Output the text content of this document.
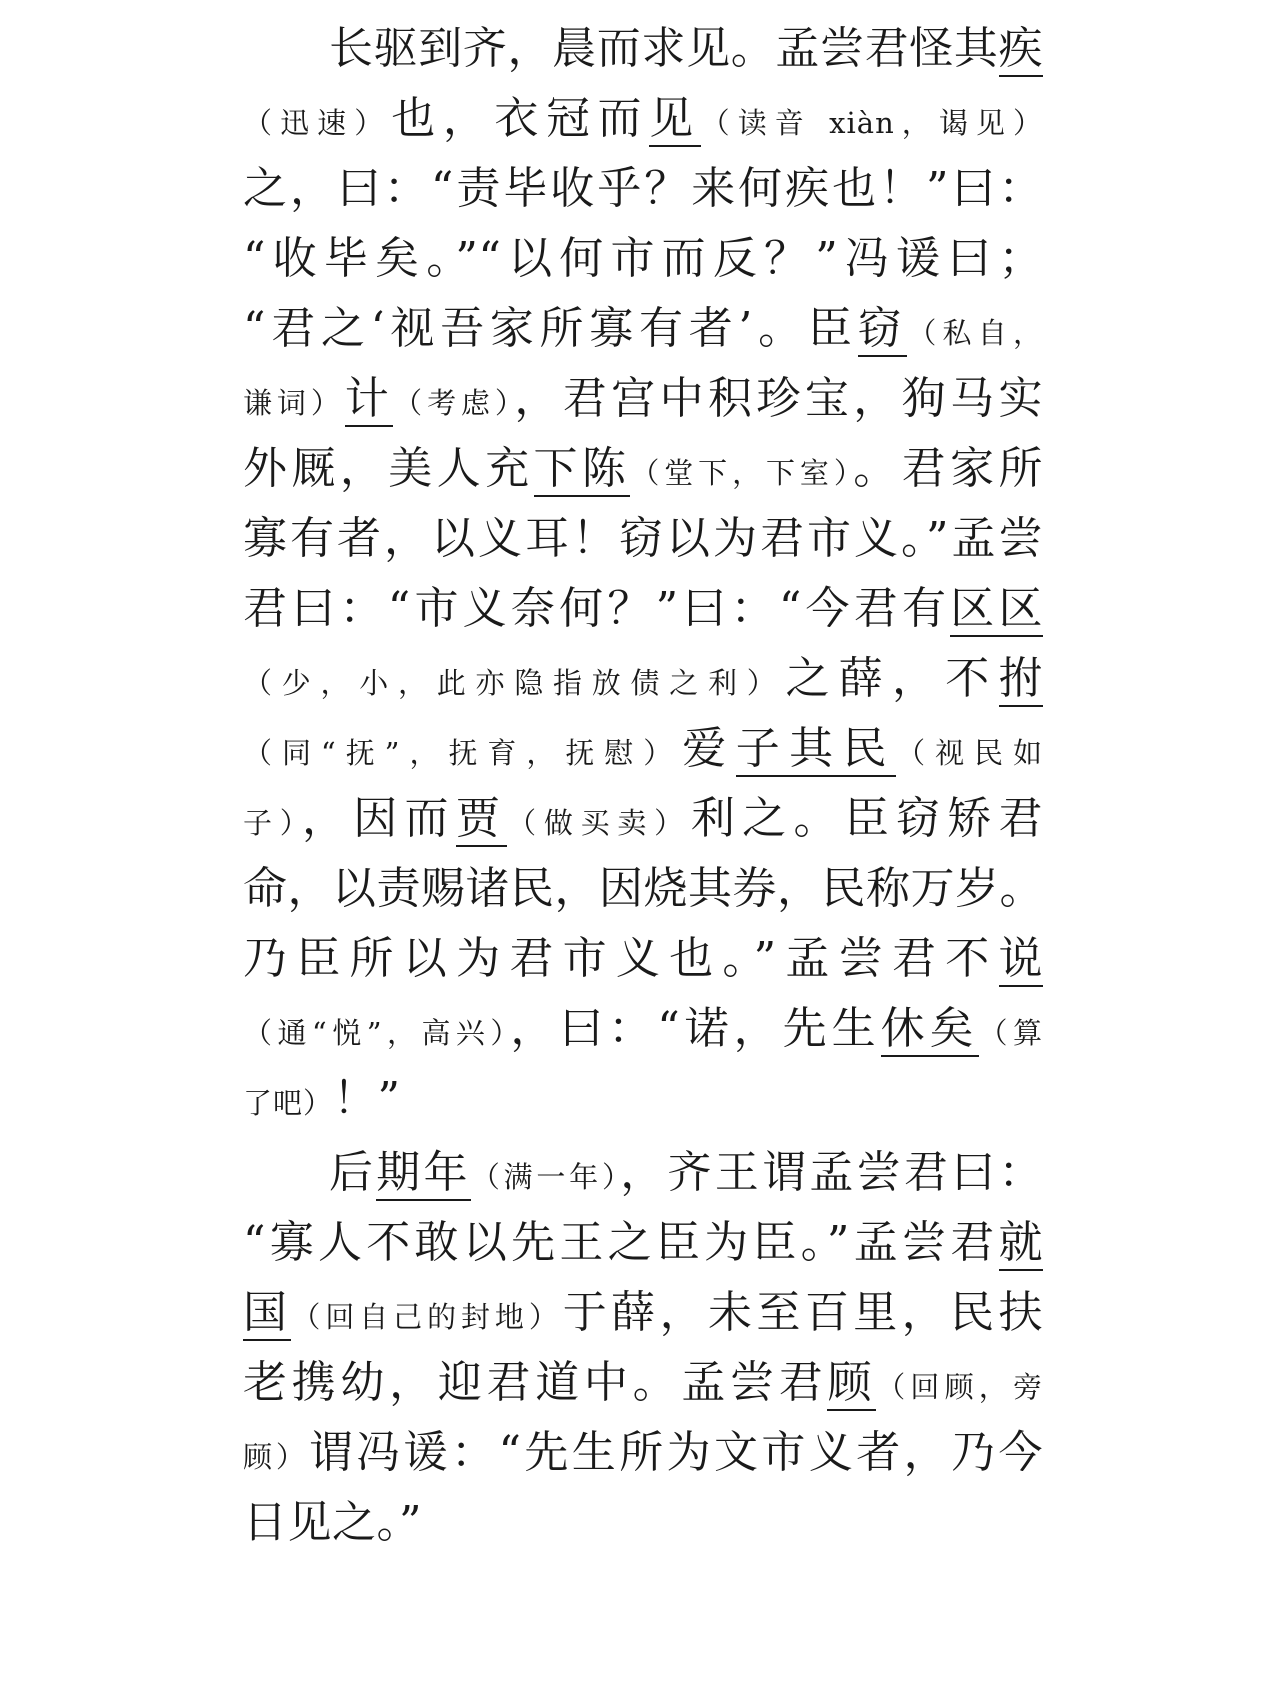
长驱到齐，晨而求见。孟尝君怪其疾
（迅速）也，衣冠而见（读音 xiàn，谒见）
之，曰：“责毕收乎？来何疾也！”曰：
“收毕矣。”“以何市而反？”冯谖曰；
“君之‘视吾家所寡有者’。臣窃（私自，
谦词）计（考虑），君宫中积珍宝，狗马实
外厩，美人充下陈（堂下，下室）。君家所
寡有者，以义耳！窃以为君市义。”孟尝
君曰：“市义奈何？”曰：“今君有区区
（少，小，此亦隐指放债之利）之薛，不拊
（同“抚”，抚育，抚慰）爱子其民（视民如
子），因而贾（做买卖）利之。臣窃矫君
命，以责赐诸民，因烧其券，民称万岁。
乃臣所以为君市义也。”孟尝君不说
（通“悦”，高兴），曰：“诺，先生休矣（算
了吧）！”
后期年（满一年），齐王谓孟尝君曰：
“寡人不敢以先王之臣为臣。”孟尝君就
国（回自己的封地）于薛，未至百里，民扶
老携幼，迎君道中。孟尝君顾（回顾，旁
顾）谓冯谖：“先生所为文市义者，乃今
日见之。”
